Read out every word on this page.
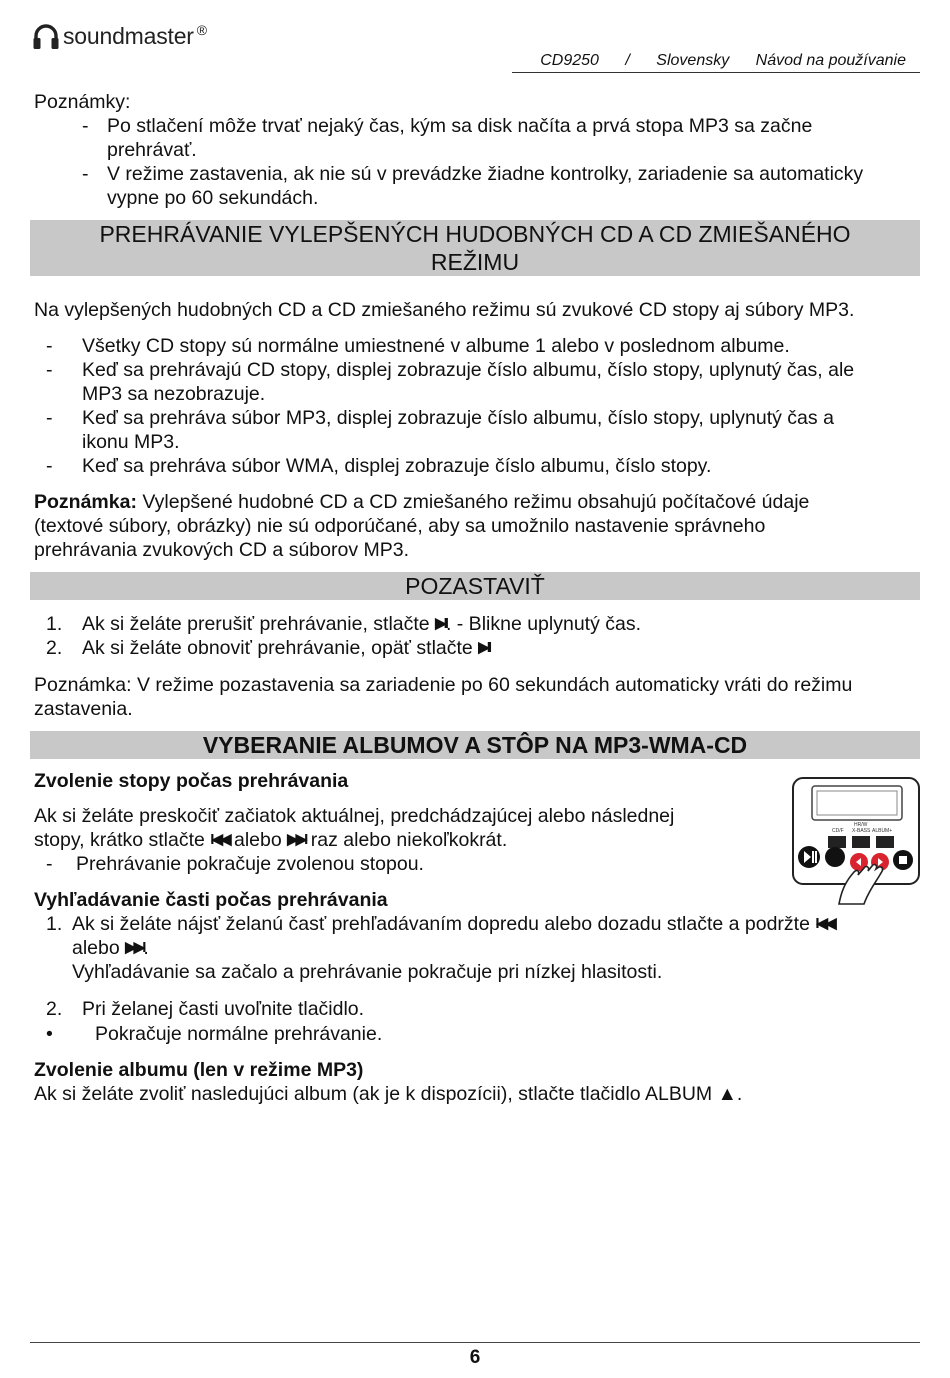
soundmaster ®
CD9250 / Slovensky Návod na používanie
Poznámky:
- Po stlačení môže trvať nejaký čas, kým sa disk načíta a prvá stopa MP3 sa začne
prehrávať.
- V režime zastavenia, ak nie sú v prevádzke žiadne kontrolky, zariadenie sa automaticky
vypne po 60 sekundách.
PREHRÁVANIE VYLEPŠENÝCH HUDOBNÝCH CD A CD ZMIEŠANÉHO
REŽIMU
Na vylepšených hudobných CD a CD zmiešaného režimu sú zvukové CD stopy aj súbory MP3.
- Všetky CD stopy sú normálne umiestnené v albume 1 alebo v poslednom albume.
- Keď sa prehrávajú CD stopy, displej zobrazuje číslo albumu, číslo stopy, uplynutý čas, ale
MP3 sa nezobrazuje.
- Keď sa prehráva súbor MP3, displej zobrazuje číslo albumu, číslo stopy, uplynutý čas a
ikonu MP3.
- Keď sa prehráva súbor WMA, displej zobrazuje číslo albumu, číslo stopy.
Poznámka: Vylepšené hudobné CD a CD zmiešaného režimu obsahujú počítačové údaje
(textové súbory, obrázky) nie sú odporúčané, aby sa umožnilo nastavenie správneho
prehrávania zvukových CD a súborov MP3.
POZASTAVIŤ
1. Ak si želáte prerušiť prehrávanie, stlačte ▶II. - Blikne uplynutý čas.
2. Ak si želáte obnoviť prehrávanie, opäť stlačte ▶II
Poznámka: V režime pozastavenia sa zariadenie po 60 sekundách automaticky vráti do režimu
zastavenia.
VYBERANIE ALBUMOV A STÔP NA MP3-WMA-CD
Zvolenie stopy počas prehrávania
Ak si želáte preskočiť začiatok aktuálnej, predchádzajúcej alebo následnej
stopy, krátko stlačte I◀◀ alebo ▶▶I raz alebo niekoľkokrát.
- Prehrávanie pokračuje zvolenou stopou.
CD/F
HR/W
X-BASS ALBUM+
Vyhľadávanie časti počas prehrávania
1. Ak si želáte nájsť želanú časť prehľadávaním dopredu alebo dozadu stlačte a podržte I◀◀
alebo ▶▶I.
Vyhľadávanie sa začalo a prehrávanie pokračuje pri nízkej hlasitosti.
2. Pri želanej časti uvoľnite tlačidlo.
• Pokračuje normálne prehrávanie.
Zvolenie albumu (len v režime MP3)
Ak si želáte zvoliť nasledujúci album (ak je k dispozícii), stlačte tlačidlo ALBUM ▲.
6
